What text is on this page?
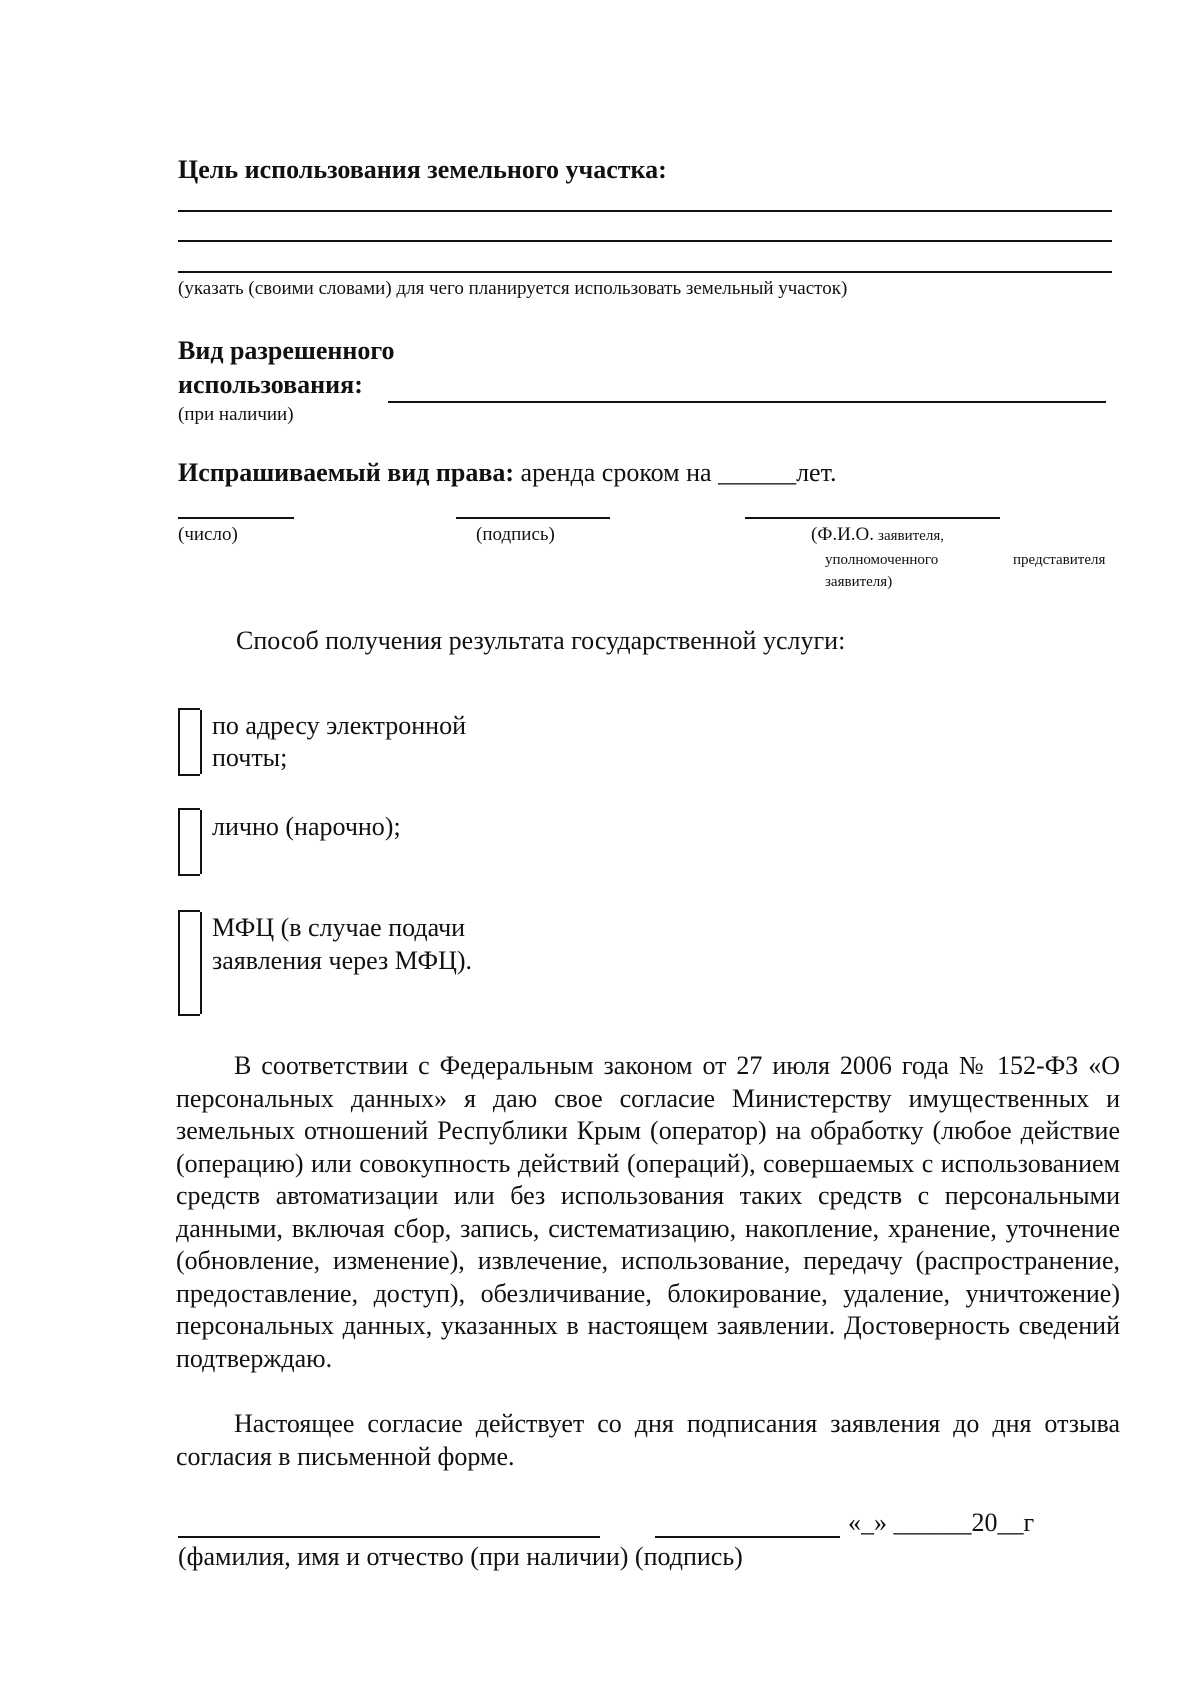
Цель использования земельного участка:
(указать (своими словами) для чего планируется использовать земельный участок)
Вид разрешенного
использования:
(при наличии)
Испрашиваемый вид права: аренда сроком на ______лет.
(число)	(подпись)	(Ф.И.О. заявителя,
уполномоченного	представителя
заявителя)
Способ получения результата государственной услуги:
по адресу электронной
почты;
лично (нарочно);
МФЦ (в случае подачи
заявления через МФЦ).
В соответствии с Федеральным законом от 27 июля 2006 года № 152-ФЗ «О персональных данных» я даю свое согласие Министерству имущественных и земельных отношений Республики Крым (оператор) на обработку (любое действие (операцию) или совокупность действий (операций), совершаемых с использованием средств автоматизации или без использования таких средств с персональными данными, включая сбор, запись, систематизацию, накопление, хранение, уточнение (обновление, изменение), извлечение, использование, передачу (распространение, предоставление, доступ), обезличивание, блокирование, удаление, уничтожение) персональных данных, указанных в настоящем заявлении. Достоверность сведений подтверждаю.
Настоящее согласие действует со дня подписания заявления до дня отзыва согласия в письменной форме.
«_» ______20__г
(фамилия, имя и отчество (при наличии) (подпись)
